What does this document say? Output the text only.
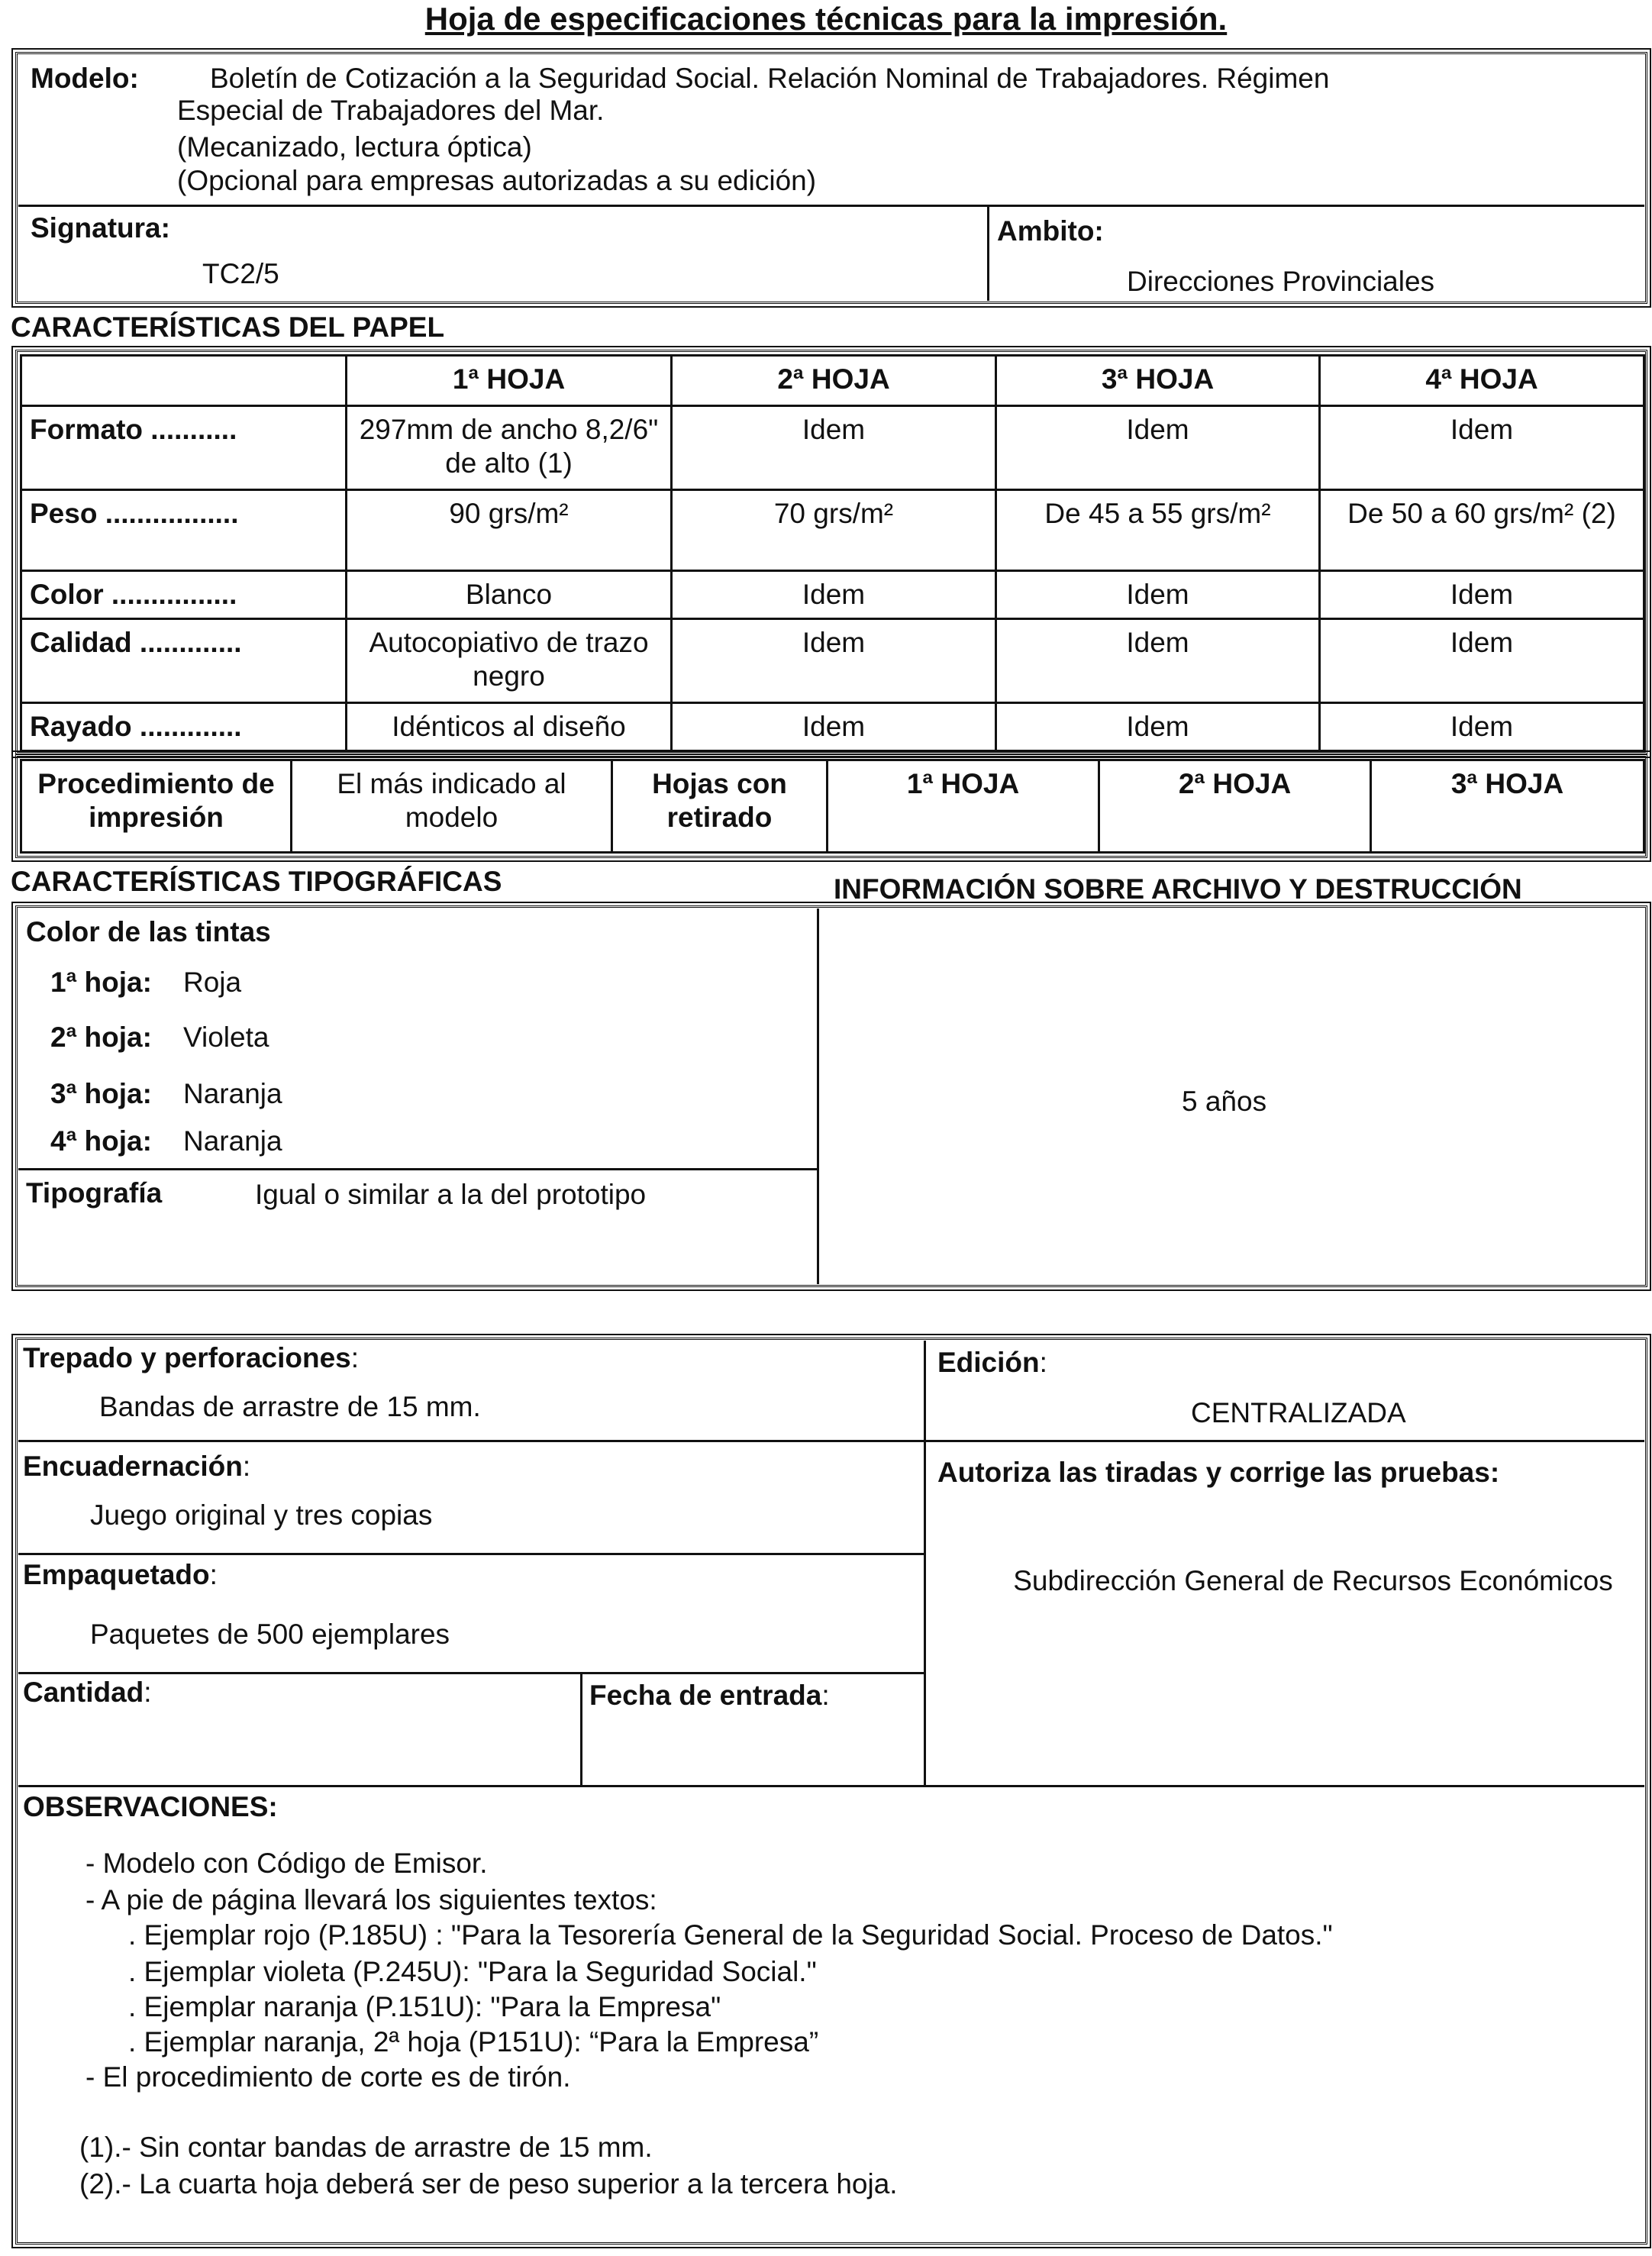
Hoja de especificaciones técnicas para la impresión.
Modelo:	Boletín de Cotización a la Seguridad Social. Relación Nominal de Trabajadores. Régimen
Especial de Trabajadores del Mar.
(Mecanizado, lectura óptica)
(Opcional para empresas autorizadas a su edición)
Signatura:
TC2/5
Ambito:
Direcciones Provinciales
CARACTERÍSTICAS DEL PAPEL
	1ª HOJA	2ª HOJA	3ª HOJA	4ª HOJA
Formato ...........	297mm de ancho 8,2/6" de alto (1)	Idem	Idem	Idem
Peso .................	90 grs/m²	70 grs/m²	De 45 a 55 grs/m²	De 50 a 60 grs/m² (2)
Color ................	Blanco	Idem	Idem	Idem
Calidad .............	Autocopiativo de trazo negro	Idem	Idem	Idem
Rayado .............	Idénticos al diseño	Idem	Idem	Idem
Procedimiento de impresión	El más indicado al modelo	Hojas con retirado	1ª HOJA	2ª HOJA	3ª HOJA
CARACTERÍSTICAS TIPOGRÁFICAS	INFORMACIÓN SOBRE ARCHIVO Y DESTRUCCIÓN
Color de las tintas
1ª hoja: Roja
2ª hoja: Violeta
3ª hoja: Naranja
4ª hoja: Naranja
Tipografía	Igual o similar a la del prototipo
5 años
Trepado y perforaciones:
Bandas de arrastre de 15 mm.
Edición:
CENTRALIZADA
Encuadernación:
Juego original y tres copias
Autoriza las tiradas y corrige las pruebas:
Subdirección General de Recursos Económicos
Empaquetado:
Paquetes de 500 ejemplares
Cantidad:	Fecha de entrada:
OBSERVACIONES:
- Modelo con Código de Emisor.
- A pie de página llevará los siguientes textos:
. Ejemplar rojo (P.185U) : "Para la Tesorería General de la Seguridad Social. Proceso de Datos."
. Ejemplar violeta (P.245U): "Para la Seguridad Social."
. Ejemplar naranja (P.151U): "Para la Empresa"
. Ejemplar naranja, 2ª hoja (P151U): “Para la Empresa”
- El procedimiento de corte es de tirón.
(1).- Sin contar bandas de arrastre de 15 mm.
(2).- La cuarta hoja deberá ser de peso superior a la tercera hoja.
